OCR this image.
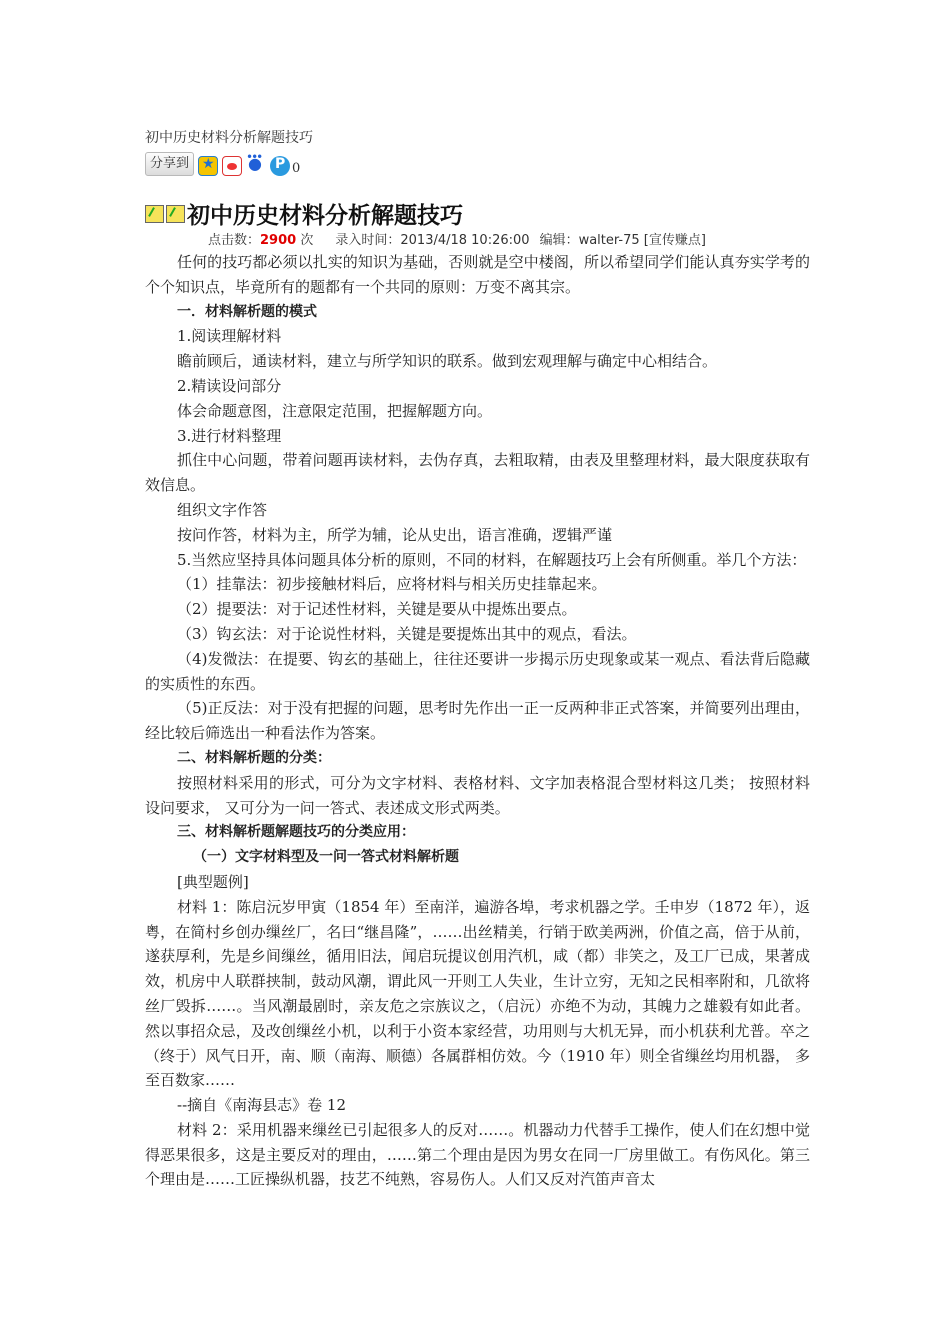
初中历史材料分析解题技巧
分享到 ★ ● ••• P	0
初中历史材料分析解题技巧
点击数：2900 次 录入时间：2013/4/18 10:26:00 编辑：walter-75 [宣传赚点]

任何的技巧都必须以扎实的知识为基础，否则就是空中楼阁，所以希望同学们能认真夯实学考的个个知识点，毕竟所有的题都有一个共同的原则：万变不离其宗。

一．材料解析题的模式

1.阅读理解材料

瞻前顾后，通读材料，建立与所学知识的联系。做到宏观理解与确定中心相结合。

2.精读设问部分

体会命题意图，注意限定范围，把握解题方向。

3.进行材料整理

抓住中心问题，带着问题再读材料，去伪存真，去粗取精，由表及里整理材料，最大限度获取有效信息。

组织文字作答

按问作答，材料为主，所学为辅，论从史出，语言准确，逻辑严谨

5.当然应坚持具体问题具体分析的原则，不同的材料，在解题技巧上会有所侧重。举几个方法：

（1）挂靠法：初步接触材料后，应将材料与相关历史挂靠起来。

（2）提要法：对于记述性材料，关键是要从中提炼出要点。

（3）钩玄法：对于论说性材料，关键是要提炼出其中的观点，看法。

（4)发微法：在提要、钩玄的基础上，往往还要讲一步揭示历史现象或某一观点、看法背后隐藏的实质性的东西。

（5)正反法：对于没有把握的问题，思考时先作出一正一反两种非正式答案，并简要列出理由，经比较后筛选出一种看法作为答案。

二、材料解析题的分类：

按照材料采用的形式，可分为文字材料、表格材料、文字加表格混合型材料这几类； 按照材料设问要求， 又可分为一问一答式、表述成文形式两类。

三、材料解析题解题技巧的分类应用：

（一）文字材料型及一问一答式材料解析题

[典型题例]

材料 1：陈启沅岁甲寅（1854 年）至南洋，遍游各埠，考求机器之学。壬申岁（1872 年），返粤，在简村乡创办缫丝厂，名曰“继昌隆”，……出丝精美，行销于欧美两洲，价值之高，倍于从前，遂获厚利，先是乡间缫丝，循用旧法，闻启玩提议创用汽机，咸（都）非笑之，及工厂已成，果著成效，机房中人联群挟制，鼓动风潮，谓此风一开则工人失业，生计立穷，无知之民相率附和，几欲将丝厂毁拆……。当风潮最剧时，亲友危之宗族议之，（启沅）亦绝不为动，其魄力之雄毅有如此者。然以事招众忌，及改创缫丝小机，以利于小资本家经营，功用则与大机无异，而小机获利尤普。卒之（终于）风气日开，南、顺（南海、顺德）各属群相仿效。今（1910 年）则全省缫丝均用机器， 多至百数家……

--摘自《南海县志》卷 12

材料 2：采用机器来缫丝已引起很多人的反对……。机器动力代替手工操作，使人们在幻想中觉得恶果很多，这是主要反对的理由，……第二个理由是因为男女在同一厂房里做工。有伤风化。第三个理由是……工匠操纵机器，技艺不纯熟，容易伤人。人们又反对汽笛声音太
